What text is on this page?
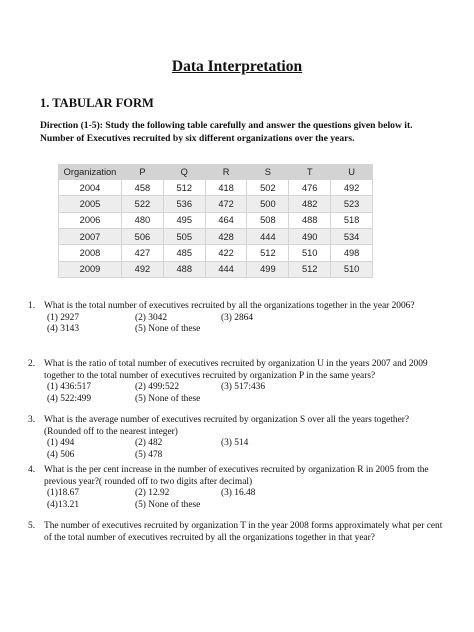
Data Interpretation
1. TABULAR FORM

Direction (1-5): Study the following table carefully and answer the questions given below it.

Number of Executives recruited by six different organizations over the years.

Organization	P	Q	R	S	T	U
2004	458	512	418	502	476	492
2005	522	536	472	500	482	523
2006	480	495	464	508	488	518
2007	506	505	428	444	490	534
2008	427	485	422	512	510	498
2009	492	488	444	499	512	510
1. What is the total number of executives recruited by all the organizations together in the year 2006?
(1) 2927	(2) 3042	(3) 2864
(4) 3143	(5) None of these
2. What is the ratio of total number of executives recruited by organization U in the years 2007 and 2009 together to the total number of executives recruited by organization P in the same years?
(1) 436:517	(2) 499:522	(3) 517:436
(4) 522:499	(5) None of these
3. What is the average number of executives recruited by organization S over all the years together? (Rounded off to the nearest integer)
(1) 494	(2) 482	(3) 514
(4) 506	(5) 478
4. What is the per cent increase in the number of executives recruited by organization R in 2005 from the previous year?( rounded off to two digits after decimal)
(1)18.67	(2) 12.92	(3) 16.48
(4)13.21	(5) None of these
5. The number of executives recruited by organization T in the year 2008 forms approximately what per cent of the total number of executives recruited by all the organizations together in that year?
